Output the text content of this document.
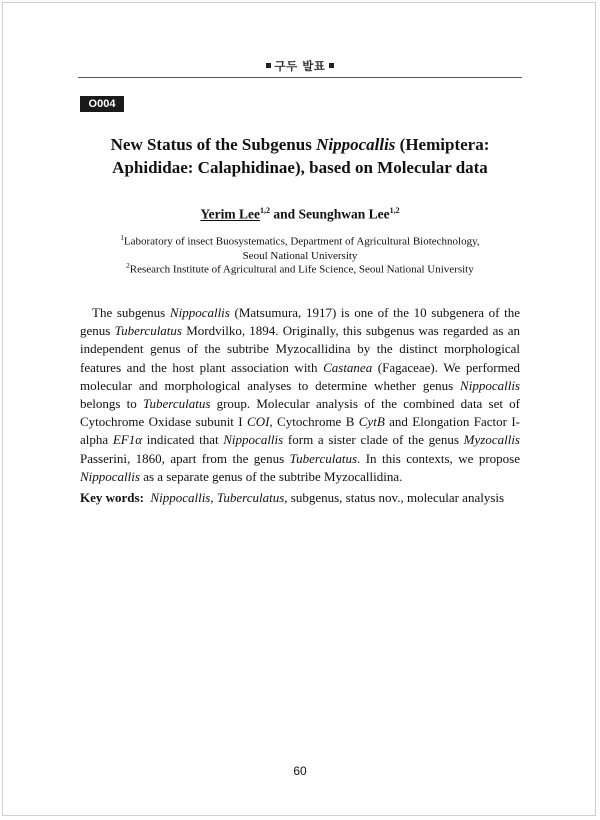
구두 발표
O004
New Status of the Subgenus Nippocallis (Hemiptera: Aphididae: Calaphidinae), based on Molecular data
Yerim Lee$^{1,2}$ and Seunghwan Lee$^{1,2}$
$^1$Laboratory of insect Buosystematics, Department of Agricultural Biotechnology,
Seoul National University
$^2$Research Institute of Agricultural and Life Science, Seoul National University
The subgenus Nippocallis (Matsumura, 1917) is one of the 10 subgenera of the genus Tuberculatus Mordvilko, 1894. Originally, this subgenus was regarded as an independent genus of the subtribe Myzocallidina by the distinct morphological features and the host plant association with Castanea (Fagaceae). We performed molecular and morphological analyses to determine whether genus Nippocallis belongs to Tuberculatus group. Molecular analysis of the combined data set of Cytochrome Oxidase subunit I COI, Cytochrome B CytB and Elongation Factor I-alpha EF1α indicated that Nippocallis form a sister clade of the genus Myzocallis Passerini, 1860, apart from the genus Tuberculatus. In this contexts, we propose Nippocallis as a separate genus of the subtribe Myzocallidina.
Key words: Nippocallis, Tuberculatus, subgenus, status nov., molecular analysis
60
